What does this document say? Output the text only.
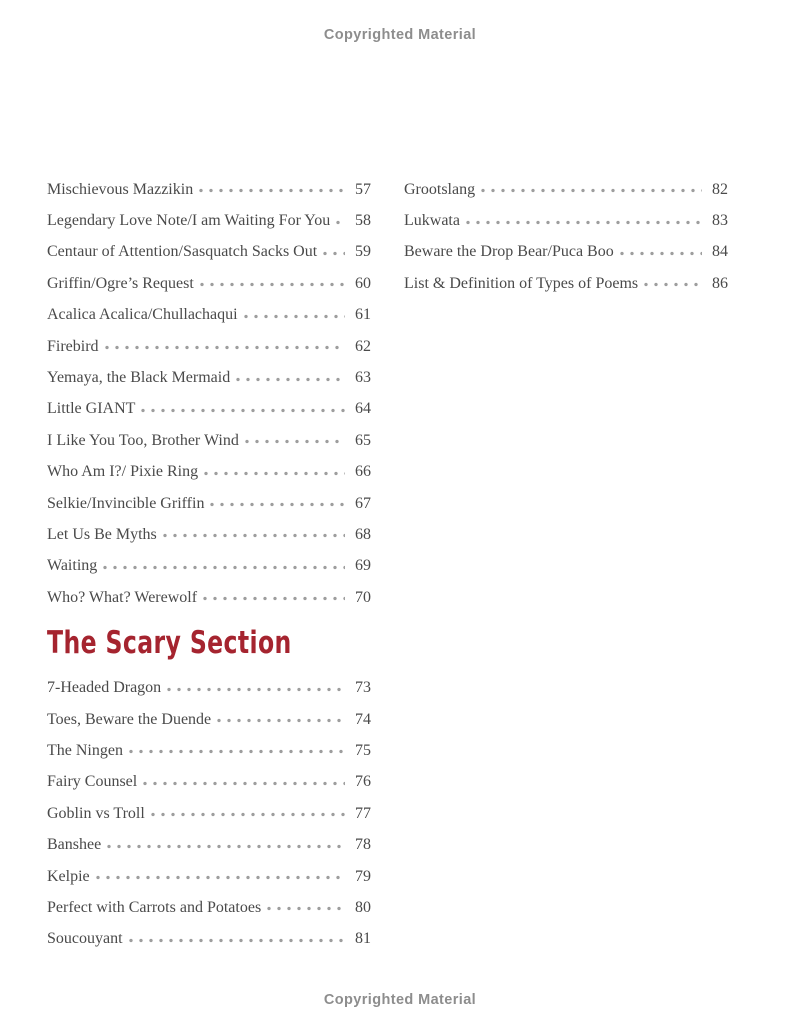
Copyrighted Material
Mischievous Mazzikin	57
Legendary Love Note/I am Waiting For You 58
Centaur of Attention/Sasquatch Sacks Out 59
Griffin/Ogre’s Request	60
Acalica Acalica/Chullachaqui	61
Firebird	62
Yemaya, the Black Mermaid	63
Little GIANT	64
I Like You Too, Brother Wind	65
Who Am I?/ Pixie Ring	66
Selkie/Invincible Griffin	67
Let Us Be Myths	68
Waiting	69
Who? What? Werewolf	70
The Scary Section
7-Headed Dragon	73
Toes, Beware the Duende	74
The Ningen	75
Fairy Counsel	76
Goblin vs Troll	77
Banshee	78
Kelpie	79
Perfect with Carrots and Potatoes	80
Soucouyant	81
Grootslang	82
Lukwata	83
Beware the Drop Bear/Puca Boo	84
List & Definition of Types of Poems	86
Copyrighted Material
